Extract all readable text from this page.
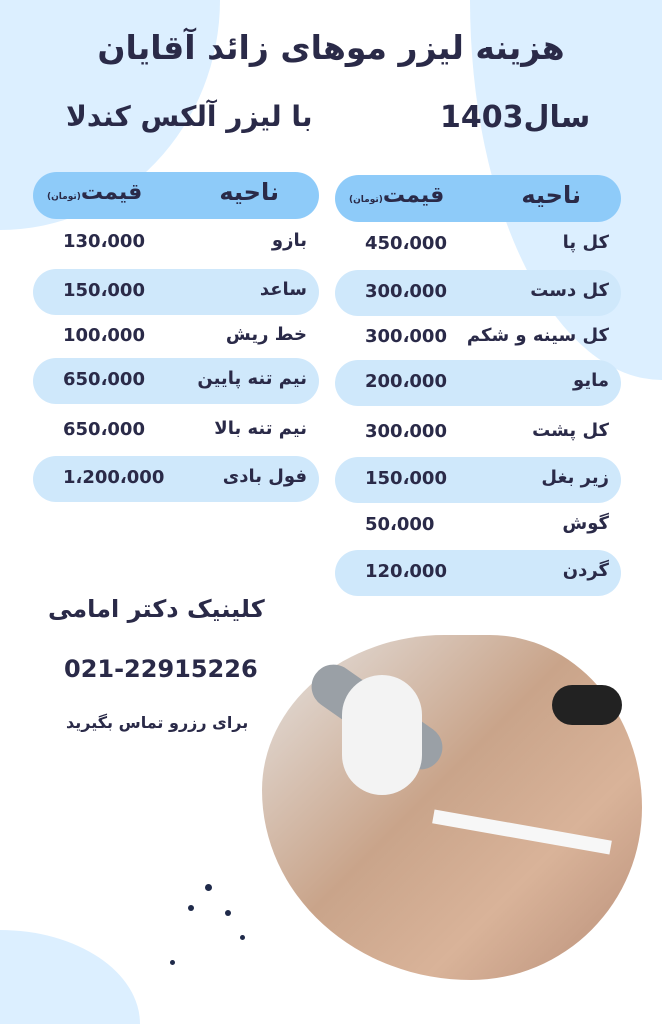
هزینه لیزر موهای زائد آقایان
با لیزر آلکس کندلا	سال1403
ناحیه
قیمت(تومان)
کل پا
450،000
کل دست
300،000
کل سینه و شکم
300،000
مایو
200،000
کل پشت
300،000
زیر بغل
150،000
گوش
50،000
گردن
120،000
ناحیه
قیمت(تومان)
بازو
130،000
ساعد
150،000
خط ریش
100،000
نیم تنه پایین
650،000
نیم تنه بالا
650،000
فول بادی
1،200،000
کلینیک دکتر امامی
021-22915226
برای رزرو تماس بگیرید
